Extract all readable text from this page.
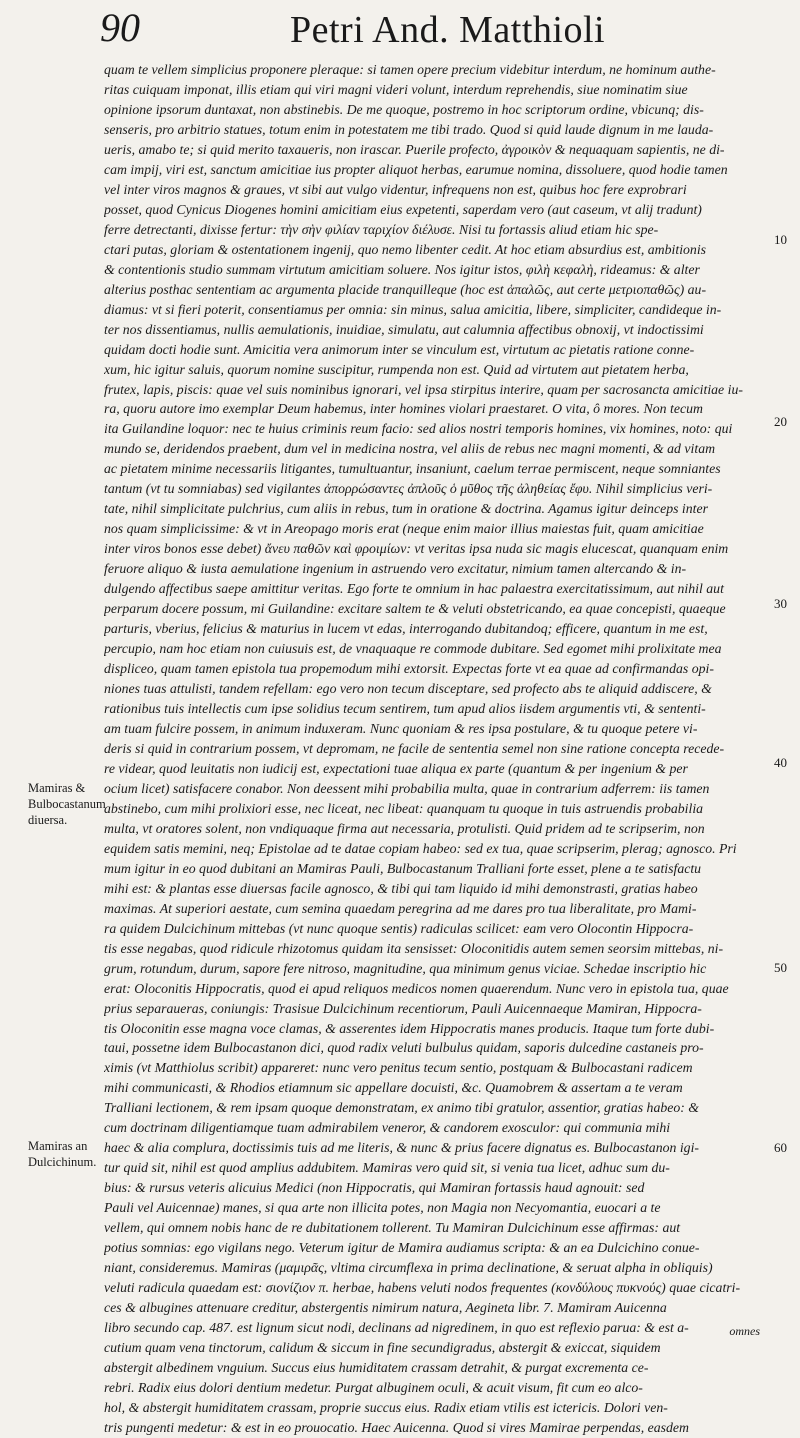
90	Petri And. Matthioli
Mamiras & Bulbocastanum diuersa.
Mamiras an Dulcichinum.
10
20
30
40
50
60
quam te vellem simplicius proponere pleraque: si tamen opere precium videbitur interdum, ne hominum authe-
ritas cuiquam imponat, illis etiam qui viri magni videri volunt, interdum reprehendis, siue nominatim siue
opinione ipsorum duntaxat, non abstinebis. De me quoque, postremo in hoc scriptorum ordine, vbicunq; dis-
senseris, pro arbitrio statues, totum enim in potestatem me tibi trado. Quod si quid laude dignum in me lauda-
ueris, amabo te; si quid merito taxaueris, non irascar. Puerile profecto, ἀγροικὸν & nequaquam sapientis, ne di-
cam impij, viri est, sanctum amicitiae ius propter aliquot herbas, earumue nomina, dissoluere, quod hodie tamen
vel inter viros magnos & graues, vt sibi aut vulgo videntur, infrequens non est, quibus hoc fere exprobrari
posset, quod Cynicus Diogenes homini amicitiam eius expetenti, saperdam vero (aut caseum, vt alij tradunt)
ferre detrectanti, dixisse fertur: τὴν σὴν φιλίαν ταριχίον διέλυσε. Nisi tu fortassis aliud etiam hic spe-
ctari putas, gloriam & ostentationem ingenij, quo nemo libenter cedit. At hoc etiam absurdius est, ambitionis
& contentionis studio summam virtutum amicitiam soluere. Nos igitur istos, φιλὴ κεφαλὴ, rideamus: & alter
alterius posthac sententiam ac argumenta placide tranquilleque (hoc est ἁπαλῶς, aut certe μετριοπαθῶς) au-
diamus: vt si fieri poterit, consentiamus per omnia: sin minus, salua amicitia, libere, simpliciter, candideque in-
ter nos dissentiamus, nullis aemulationis, inuidiae, simulatu, aut calumnia affectibus obnoxij, vt indoctissimi
quidam docti hodie sunt. Amicitia vera animorum inter se vinculum est, virtutum ac pietatis ratione conne-
xum, hic igitur saluis, quorum nomine suscipitur, rumpenda non est. Quid ad virtutem aut pietatem herba,
frutex, lapis, piscis: quae vel suis nominibus ignorari, vel ipsa stirpitus interire, quam per sacrosancta amicitiae iu-
ra, quoru autore imo exemplar Deum habemus, inter homines violari praestaret. O vita, ô mores. Non tecum
ita Guilandine loquor: nec te huius criminis reum facio: sed alios nostri temporis homines, vix homines, noto: qui
mundo se, deridendos praebent, dum vel in medicina nostra, vel aliis de rebus nec magni momenti, & ad vitam
ac pietatem minime necessariis litigantes, tumultuantur, insaniunt, caelum terrae permiscent, neque somniantes
tantum (vt tu somniabas) sed vigilantes ἀπορρώσαντες ἀπλοῦς ὁ μῦθος τῆς ἀληθείας ἔφυ. Nihil simplicius veri-
tate, nihil simplicitate pulchrius, cum aliis in rebus, tum in oratione & doctrina. Agamus igitur deinceps inter
nos quam simplicissime: & vt in Areopago moris erat (neque enim maior illius maiestas fuit, quam amicitiae
inter viros bonos esse debet) ἄνευ παθῶν καὶ φροιμίων: vt veritas ipsa nuda sic magis elucescat, quanquam enim
feruore aliquo & iusta aemulatione ingenium in astruendo vero excitatur, nimium tamen altercando & in-
dulgendo affectibus saepe amittitur veritas. Ego forte te omnium in hac palaestra exercitatissimum, aut nihil aut
perparum docere possum, mi Guilandine: excitare saltem te & veluti obstetricando, ea quae concepisti, quaeque
parturis, vberius, felicius & maturius in lucem vt edas, interrogando dubitandoq; efficere, quantum in me est,
percupio, nam hoc etiam non cuiusuis est, de vnaquaque re commode dubitare. Sed egomet mihi prolixitate mea
displiceo, quam tamen epistola tua propemodum mihi extorsit. Expectas forte vt ea quae ad confirmandas opi-
niones tuas attulisti, tandem refellam: ego vero non tecum disceptare, sed profecto abs te aliquid addiscere, &
rationibus tuis intellectis cum ipse solidius tecum sentirem, tum apud alios iisdem argumentis vti, & sententi-
am tuam fulcire possem, in animum induxeram. Nunc quoniam & res ipsa postulare, & tu quoque petere vi-
deris si quid in contrarium possem, vt depromam, ne facile de sententia semel non sine ratione concepta recede-
re videar, quod leuitatis non iudicij est, expectationi tuae aliqua ex parte (quantum & per ingenium & per
ocium licet) satisfacere conabor. Non deessent mihi probabilia multa, quae in contrarium adferrem: iis tamen
abstinebo, cum mihi prolixiori esse, nec liceat, nec libeat: quanquam tu quoque in tuis astruendis probabilia
multa, vt oratores solent, non vndiquaque firma aut necessaria, protulisti. Quid pridem ad te scripserim, non
equidem satis memini, neq; Epistolae ad te datae copiam habeo: sed ex tua, quae scripserim, plerag; agnosco. Pri
mum igitur in eo quod dubitani an Mamiras Pauli, Bulbocastanum Tralliani forte esset, plene a te satisfactu
mihi est: & plantas esse diuersas facile agnosco, & tibi qui tam liquido id mihi demonstrasti, gratias habeo
maximas. At superiori aestate, cum semina quaedam peregrina ad me dares pro tua liberalitate, pro Mami-
ra quidem Dulcichinum mittebas (vt nunc quoque sentis) radiculas scilicet: eam vero Olocontin Hippocra-
tis esse negabas, quod ridicule rhizotomus quidam ita sensisset: Oloconitidis autem semen seorsim mittebas, ni-
grum, rotundum, durum, sapore fere nitroso, magnitudine, qua minimum genus viciae. Schedae inscriptio hic
erat: Oloconitis Hippocratis, quod ei apud reliquos medicos nomen quaerendum. Nunc vero in epistola tua, quae
prius separaueras, coniungis: Trasisue Dulcichinum recentiorum, Pauli Auicennaeque Mamiran, Hippocra-
tis Oloconitin esse magna voce clamas, & asserentes idem Hippocratis manes producis. Itaque tum forte dubi-
taui, possetne idem Bulbocastanon dici, quod radix veluti bulbulus quidam, saporis dulcedine castaneis pro-
ximis (vt Matthiolus scribit) appareret: nunc vero penitus tecum sentio, postquam & Bulbocastani radicem
mihi communicasti, & Rhodios etiamnum sic appellare docuisti, &c. Quamobrem & assertam a te veram
Tralliani lectionem, & rem ipsam quoque demonstratam, ex animo tibi gratulor, assentior, gratias habeo: &
cum doctrinam diligentiamque tuam admirabilem veneror, & candorem exosculor: qui communia mihi
haec & alia complura, doctissimis tuis ad me literis, & nunc & prius facere dignatus es. Bulbocastanon igi-
tur quid sit, nihil est quod amplius addubitem. Mamiras vero quid sit, si venia tua licet, adhuc sum du-
bius: & rursus veteris alicuius Medici (non Hippocratis, qui Mamiran fortassis haud agnouit: sed
Pauli vel Auicennae) manes, si qua arte non illicita potes, non Magia non Necyomantia, euocari a te
vellem, qui omnem nobis hanc de re dubitationem tollerent. Tu Mamiran Dulcichinum esse affirmas: aut
potius somnias: ego vigilans nego. Veterum igitur de Mamira audiamus scripta: & an ea Dulcichino conue-
niant, consideremus. Mamiras (μαμιρᾶς, vltima circumflexa in prima declinatione, & seruat alpha in obliquis)
veluti radicula quaedam est: σιονίζιον π. herbae, habens veluti nodos frequentes (κονδύλους πυκνούς) quae cicatri-
ces & albugines attenuare creditur, abstergentis nimirum natura, Aegineta libr. 7. Mamiram Auicenna
libro secundo cap. 487. est lignum sicut nodi, declinans ad nigredinem, in quo est reflexio parua: & est a-
cutium quam vena tinctorum, calidum & siccum in fine secundigradus, abstergit & exiccat, siquidem
abstergit albedinem vnguium. Succus eius humiditatem crassam detrahit, & purgat excrementa ce-
rebri. Radix eius dolori dentium medetur. Purgat albuginem oculi, & acuit visum, fit cum eo alco-
hol, & abstergit humiditatem crassam, proprie succus eius. Radix etiam vtilis est ictericis. Dolori ven-
tris pungenti medetur: & est in eo prouocatio. Haec Auicenna. Quod si vires Mamirae perpendas, easdem
omnes
